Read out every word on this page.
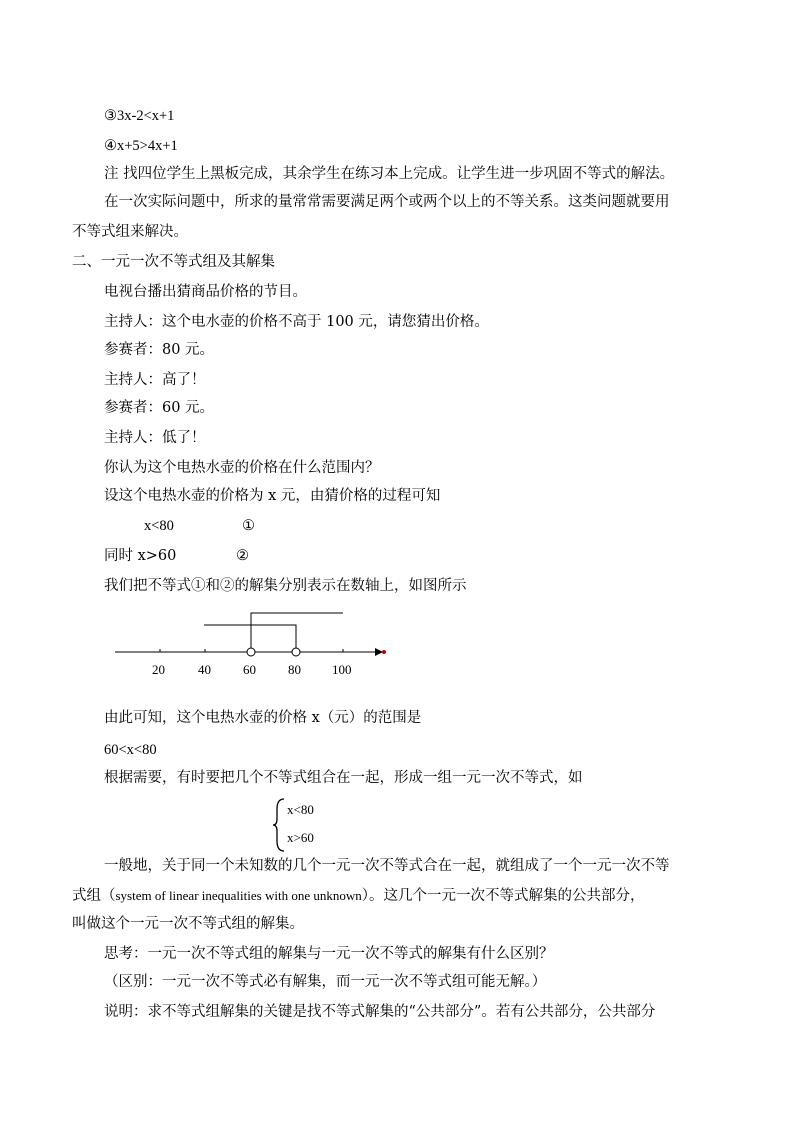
③3x-2<x+1
④x+5>4x+1
注 找四位学生上黑板完成，其余学生在练习本上完成。让学生进一步巩固不等式的解法。
在一次实际问题中，所求的量常常需要满足两个或两个以上的不等关系。这类问题就要用
不等式组来解决。
二、一元一次不等式组及其解集
电视台播出猜商品价格的节目。
主持人：这个电水壶的价格不高于 100 元，请您猜出价格。
参赛者：80 元。
主持人：高了！
参赛者：60 元。
主持人：低了！
你认为这个电热水壶的价格在什么范围内？
设这个电热水壶的价格为 x 元，由猜价格的过程可知
x<80	①
同时 x>60	②
我们把不等式①和②的解集分别表示在数轴上，如图所示
20	40 60 80 100
由此可知，这个电热水壶的价格 x（元）的范围是
60<x<80
根据需要，有时要把几个不等式组合在一起，形成一组一元一次不等式，如
x<80
x>60
一般地，关于同一个未知数的几个一元一次不等式合在一起，就组成了一个一元一次不等
式组（system of linear inequalities with one unknown）。这几个一元一次不等式解集的公共部分，
叫做这个一元一次不等式组的解集。
思考：一元一次不等式组的解集与一元一次不等式的解集有什么区别？
（区别：一元一次不等式必有解集，而一元一次不等式组可能无解。）
说明：求不等式组解集的关键是找不等式解集的“公共部分”。若有公共部分，公共部分
